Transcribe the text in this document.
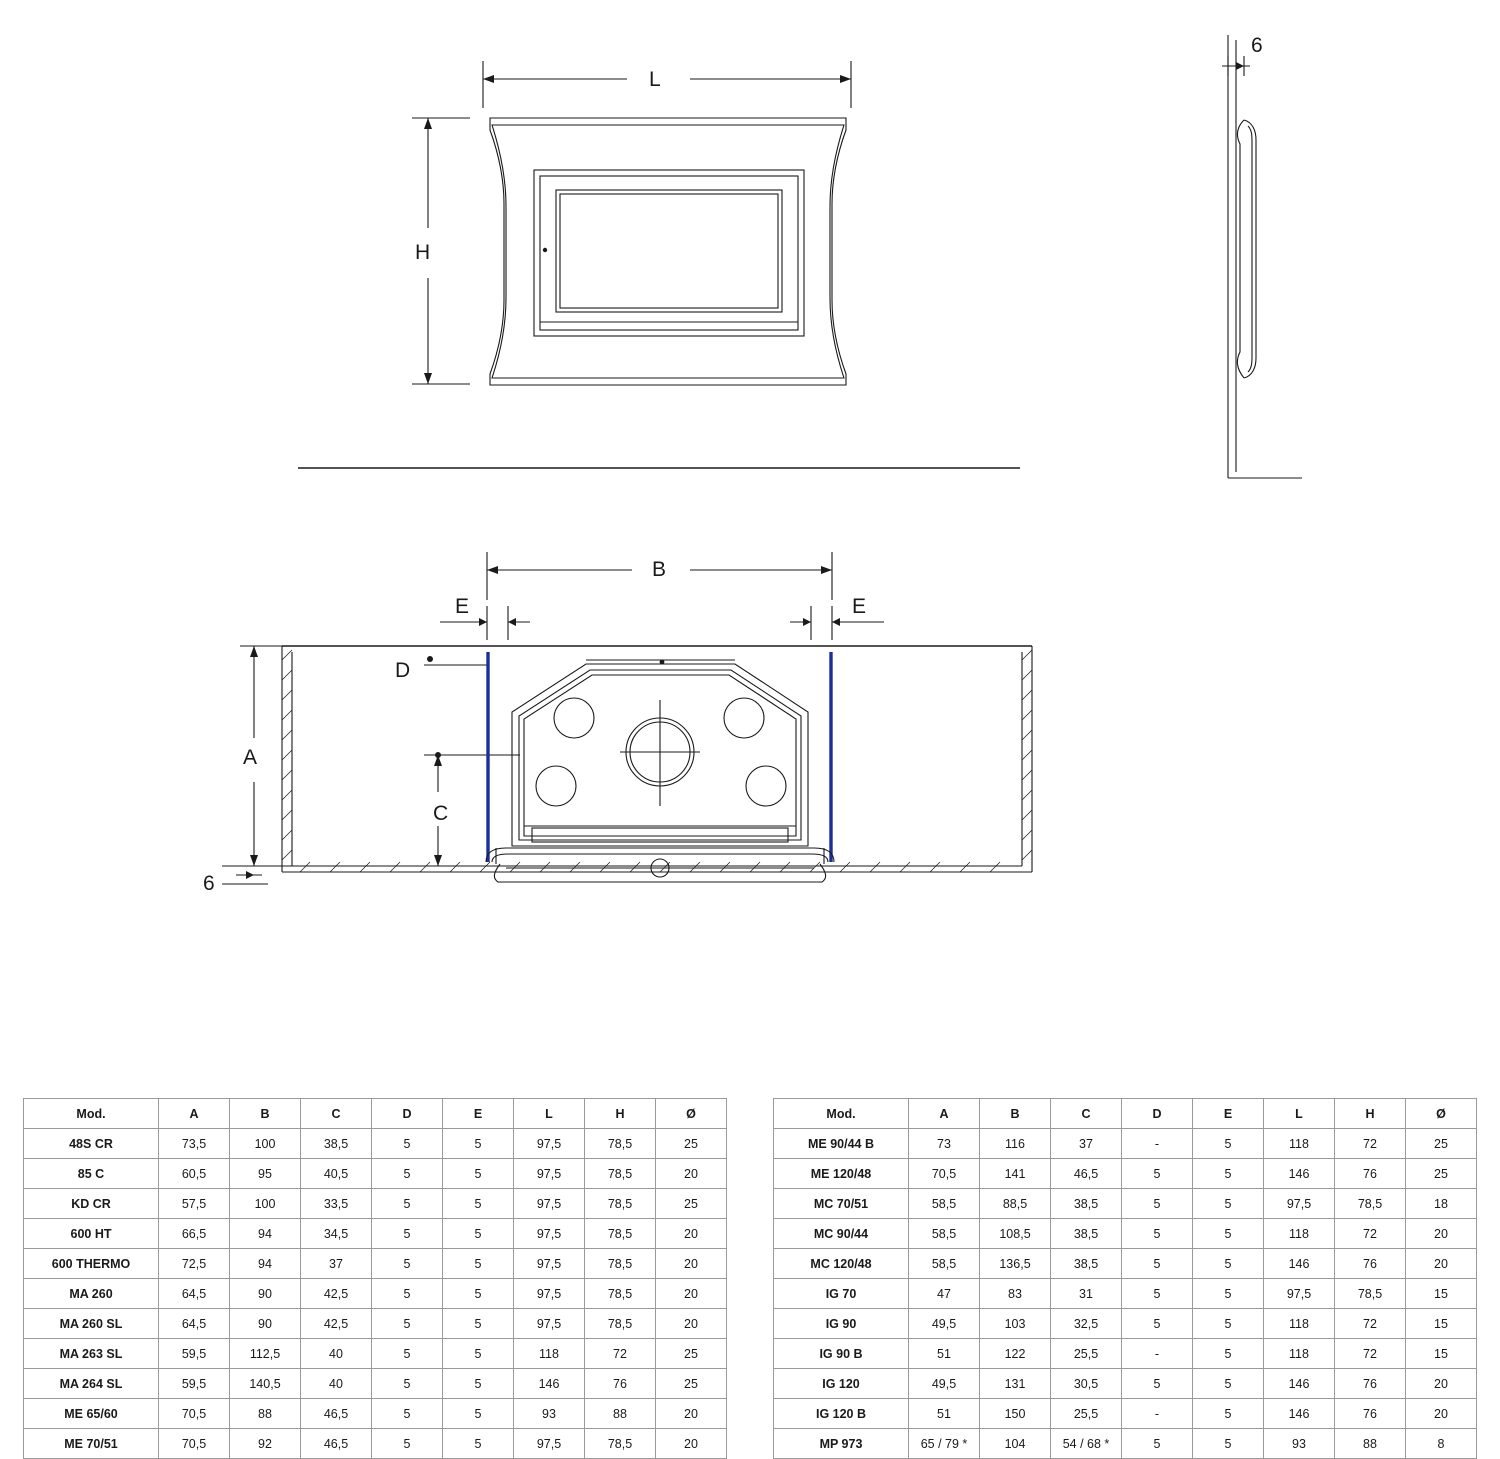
L
H
6
B
E	E
D
A
C
6
Mod.	A	B	C	D	E	L	H	Ø
48S CR	73,5	100	38,5	5	5	97,5	78,5	25
85 C	60,5	95	40,5	5	5	97,5	78,5	20
KD CR	57,5	100	33,5	5	5	97,5	78,5	25
600 HT	66,5	94	34,5	5	5	97,5	78,5	20
600 THERMO	72,5	94	37	5	5	97,5	78,5	20
MA 260	64,5	90	42,5	5	5	97,5	78,5	20
MA 260 SL	64,5	90	42,5	5	5	97,5	78,5	20
MA 263 SL	59,5	112,5	40	5	5	118	72	25
MA 264 SL	59,5	140,5	40	5	5	146	76	25
ME 65/60	70,5	88	46,5	5	5	93	88	20
ME 70/51	70,5	92	46,5	5	5	97,5	78,5	20
Mod.	A	B	C	D	E	L	H	Ø
ME 90/44 B	73	116	37	-	5	118	72	25
ME 120/48	70,5	141	46,5	5	5	146	76	25
MC 70/51	58,5	88,5	38,5	5	5	97,5	78,5	18
MC 90/44	58,5	108,5	38,5	5	5	118	72	20
MC 120/48	58,5	136,5	38,5	5	5	146	76	20
IG 70	47	83	31	5	5	97,5	78,5	15
IG 90	49,5	103	32,5	5	5	118	72	15
IG 90 B	51	122	25,5	-	5	118	72	15
IG 120	49,5	131	30,5	5	5	146	76	20
IG 120 B	51	150	25,5	-	5	146	76	20
MP 973	65 / 79 *	104	54 / 68 *	5	5	93	88	8
